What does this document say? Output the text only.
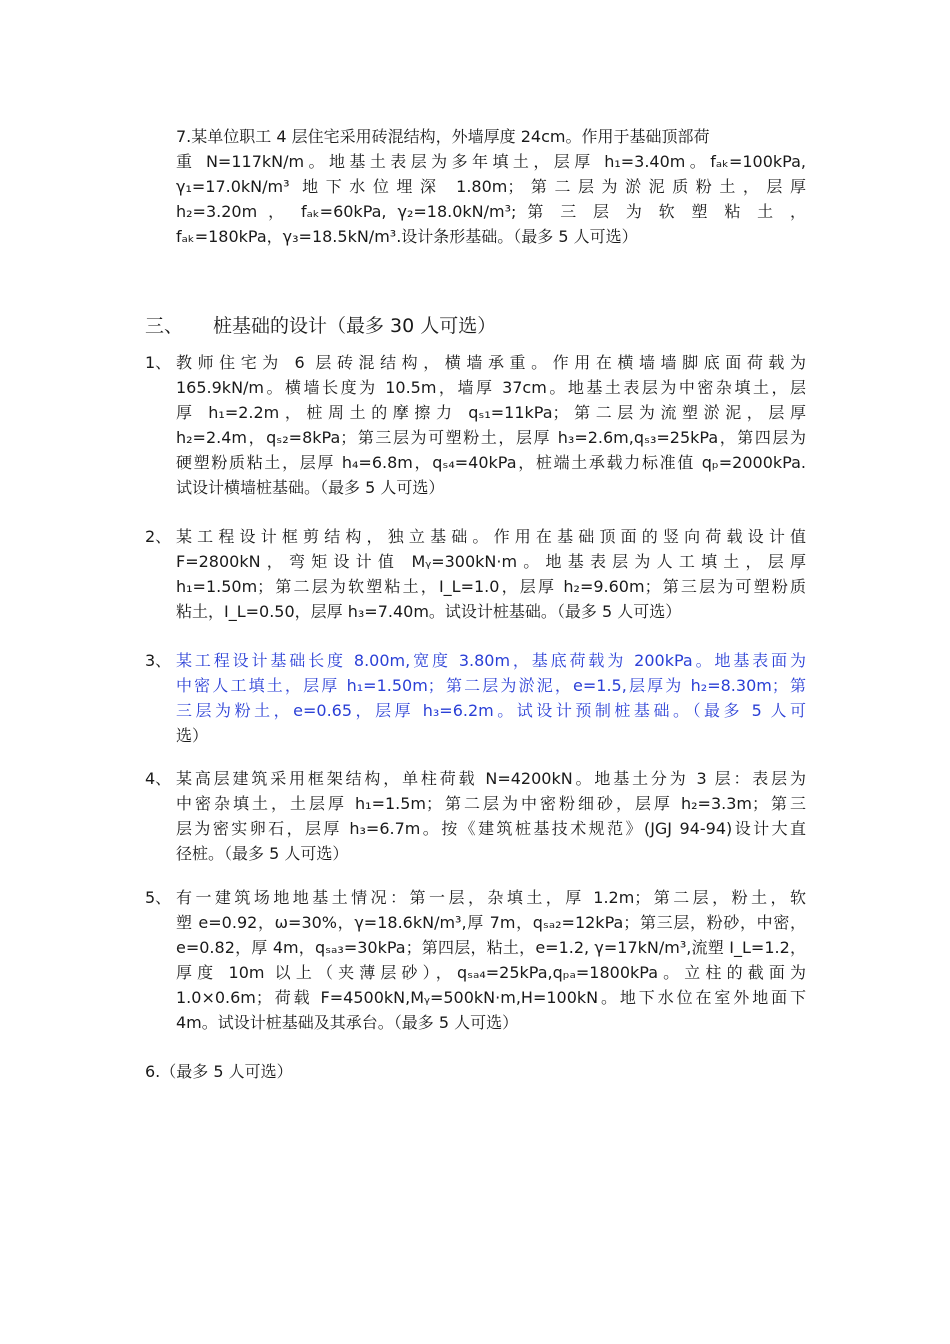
7.某单位职工 4 层住宅采用砖混结构，外墙厚度 24cm。作用于基础顶部荷
重 N=117kN/m。地基土表层为多年填土，层厚 h₁=3.40m。fₐₖ=100kPa,
γ₁=17.0kN/m³ 地下水位埋深 1.80m；第二层为淤泥质粉土，层厚
h₂=3.20m ， fₐₖ=60kPa, γ₂=18.0kN/m³; 第 三 层 为 软 塑 粘 土 ，
fₐₖ=180kPa，γ₃=18.5kN/m³.设计条形基础。（最多 5 人可选）
三、 桩基础的设计（最多 30 人可选）
1、 教师住宅为 6 层砖混结构，横墙承重。作用在横墙墙脚底面荷载为
165.9kN/m。横墙长度为 10.5m，墙厚 37cm。地基土表层为中密杂填土，层
厚 h₁=2.2m，桩周土的摩擦力 qₛ₁=11kPa；第二层为流塑淤泥，层厚
h₂=2.4m，qₛ₂=8kPa；第三层为可塑粉土，层厚 h₃=2.6m,qₛ₃=25kPa，第四层为
硬塑粉质粘土，层厚 h₄=6.8m，qₛ₄=40kPa，桩端土承载力标准值 qₚ=2000kPa.
试设计横墙桩基础。（最多 5 人可选）
2、 某工程设计框剪结构，独立基础。作用在基础顶面的竖向荷载设计值
F=2800kN，弯矩设计值 Mᵧ=300kN·m。地基表层为人工填土，层厚
h₁=1.50m；第二层为软塑粘土，I_L=1.0，层厚 h₂=9.60m；第三层为可塑粉质
粘土，I_L=0.50，层厚 h₃=7.40m。试设计桩基础。（最多 5 人可选）
3、 某工程设计基础长度 8.00m,宽度 3.80m，基底荷载为 200kPa。地基表面为
中密人工填土，层厚 h₁=1.50m；第二层为淤泥，e=1.5,层厚为 h₂=8.30m；第
三层为粉土，e=0.65，层厚 h₃=6.2m。试设计预制桩基础。（最多 5 人可
选）
4、 某高层建筑采用框架结构，单柱荷载 N=4200kN。地基土分为 3 层：表层为
中密杂填土，土层厚 h₁=1.5m；第二层为中密粉细砂，层厚 h₂=3.3m；第三
层为密实卵石，层厚 h₃=6.7m。按《建筑桩基技术规范》(JGJ 94-94)设计大直
径桩。（最多 5 人可选）
5、 有一建筑场地地基土情况：第一层，杂填土，厚 1.2m；第二层，粉土，软
塑 e=0.92，ω=30%，γ=18.6kN/m³,厚 7m，qₛₐ₂=12kPa；第三层，粉砂，中密，
e=0.82，厚 4m，qₛₐ₃=30kPa；第四层，粘土，e=1.2, γ=17kN/m³,流塑 I_L=1.2，
厚度 10m 以上（夹薄层砂），qₛₐ₄=25kPa,qₚₐ=1800kPa。立柱的截面为
1.0×0.6m；荷载 F=4500kN,Mᵧ=500kN·m,H=100kN。地下水位在室外地面下
4m。试设计桩基础及其承台。（最多 5 人可选）
6.（最多 5 人可选）
